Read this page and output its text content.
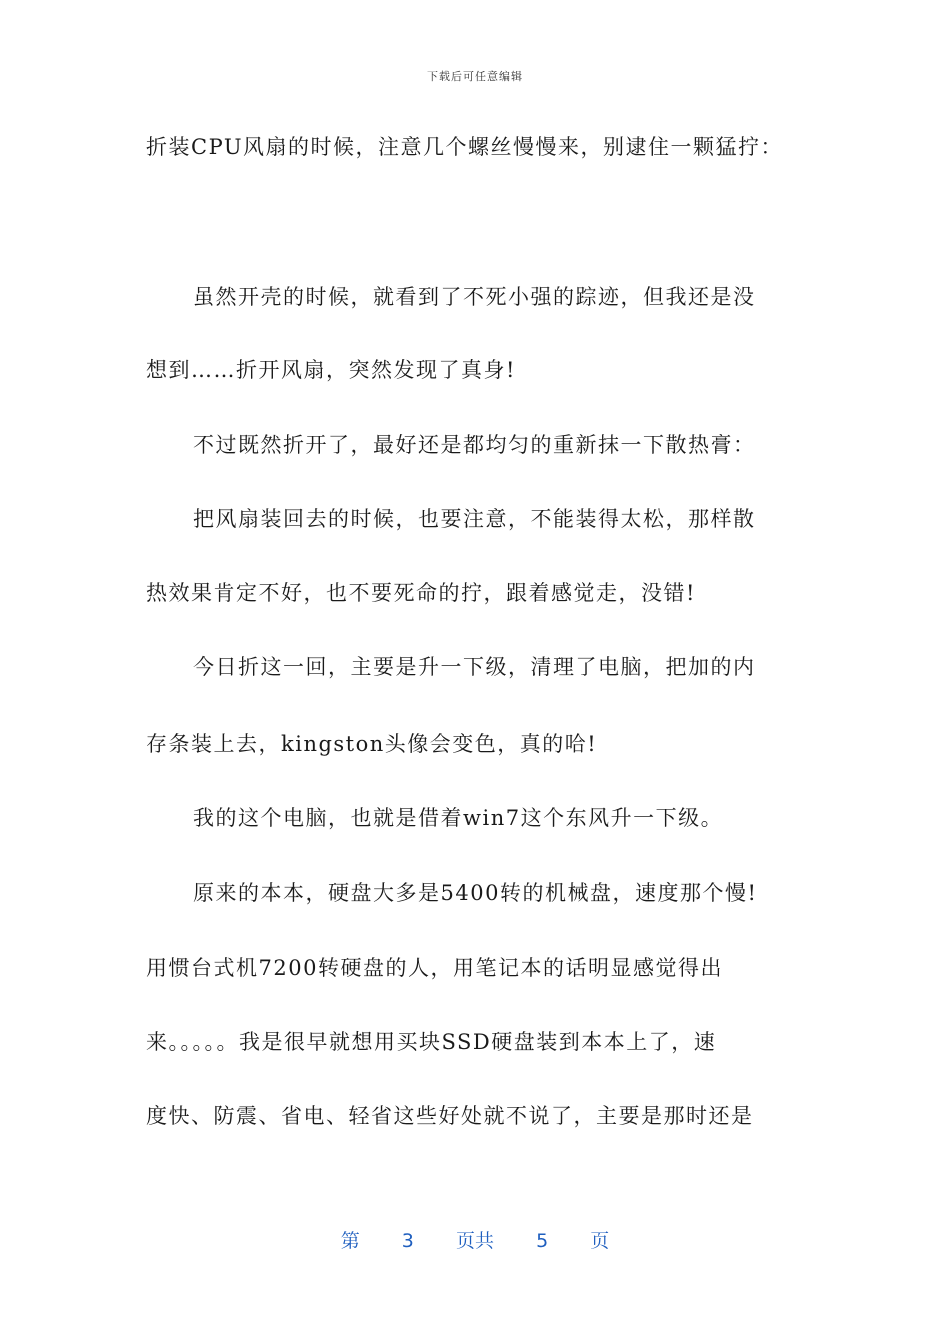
下载后可任意编辑
折装CPU风扇的时候，注意几个螺丝慢慢来，别逮住一颗猛拧：
虽然开壳的时候，就看到了不死小强的踪迹，但我还是没
想到……折开风扇，突然发现了真身!
不过既然折开了，最好还是都均匀的重新抹一下散热膏：
把风扇装回去的时候，也要注意，不能装得太松，那样散
热效果肯定不好，也不要死命的拧，跟着感觉走，没错!
今日折这一回，主要是升一下级，清理了电脑，把加的内
存条装上去，kingston头像会变色，真的哈!
我的这个电脑，也就是借着win7这个东风升一下级。
原来的本本，硬盘大多是5400转的机械盘，速度那个慢!
用惯台式机7200转硬盘的人，用笔记本的话明显感觉得出
来。。。。。我是很早就想用买块SSD硬盘装到本本上了，速
度快、防震、省电、轻省这些好处就不说了，主要是那时还是
第 3 页共 5 页
